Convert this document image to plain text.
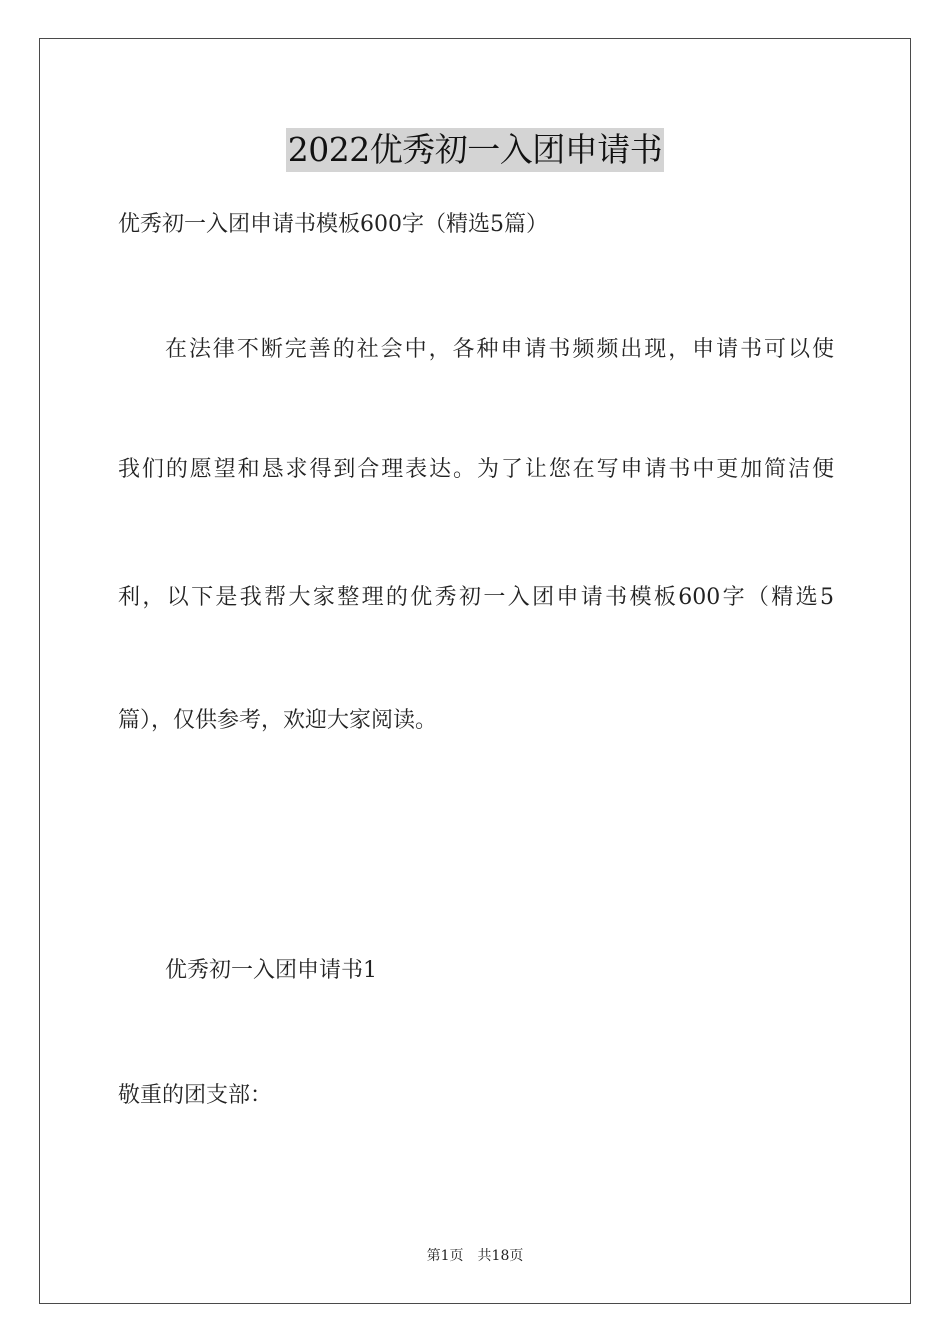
2022优秀初一入团申请书
优秀初一入团申请书模板600字（精选5篇）
在法律不断完善的社会中，各种申请书频频出现，申请书可以使
我们的愿望和恳求得到合理表达。为了让您在写申请书中更加简洁便
利，以下是我帮大家整理的优秀初一入团申请书模板600字（精选5
篇），仅供参考，欢迎大家阅读。
优秀初一入团申请书1
敬重的团支部：
第1页　共18页
